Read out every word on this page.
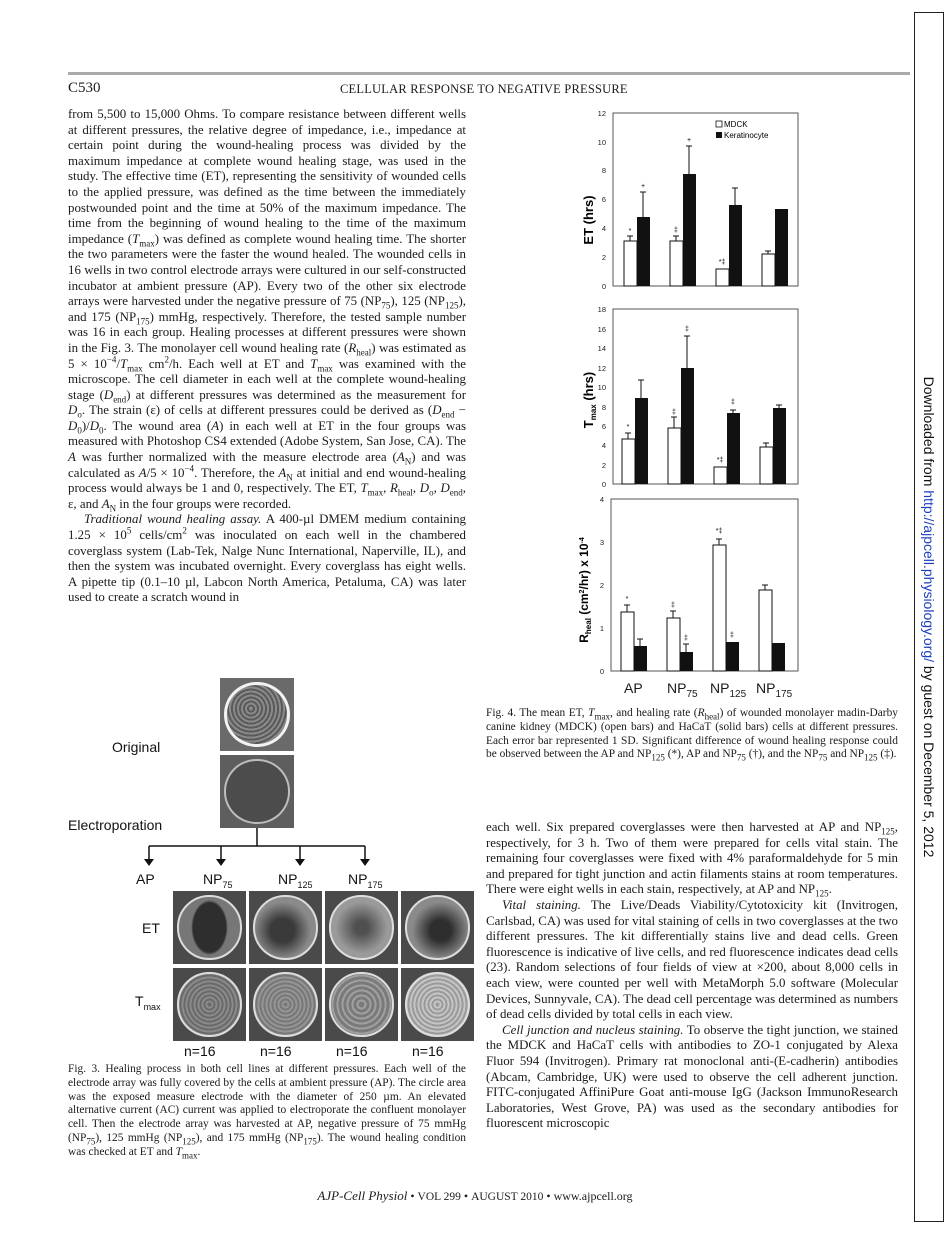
C530	CELLULAR RESPONSE TO NEGATIVE PRESSURE

from 5,500 to 15,000 Ohms. To compare resistance between different wells at different pressures, the relative degree of impedance, i.e., impedance at certain point during the wound-healing process was divided by the maximum impedance at complete wound healing stage, was used in the study. The effective time (ET), representing the sensitivity of wounded cells to the applied pressure, was defined as the time between the immediately postwounded point and the time at 50% of the maximum impedance. The time from the beginning of wound healing to the time of the maximum impedance $(T_{max})$ was defined as complete wound healing time. The shorter the two parameters were the faster the wound healed. The wounded cells in 16 wells in two control electrode arrays were cultured in our self-constructed incubator at ambient pressure (AP). Every two of the other six electrode arrays were harvested under the negative pressure of 75 $(NP_{75})$, 125 $(NP_{125})$, and 175 $(NP_{175})$ mmHg, respectively. Therefore, the tested sample number was 16 in each group. Healing processes at different pressures were shown in the Fig. 3. The monolayer cell wound healing rate $(R_{heal})$ was estimated as $5 \times 10^{-4}/T_{max}$ $cm^2/h$. Each well at ET and $T_{max}$ was examined with the microscope. The cell diameter in each well at the complete wound-healing stage $(D_{end})$ at different pressures was determined as the measurement for $D_o$. The strain (ε) of cells at different pressures could be derived as $(D_{end} - D_0)/D_0$. The wound area (A) in each well at ET in the four groups was measured with Photoshop CS4 extended (Adobe System, San Jose, CA). The A was further normalized with the measure electrode area $(A_N)$ and was calculated as $A/5 \times 10^{-4}$. Therefore, the $A_N$ at initial and end wound-healing process would always be 1 and 0, respectively. The ET, $T_{max}$, $R_{heal}$, $D_o$, $D_{end}$, ε, and $A_N$ in the four groups were recorded.

Traditional wound healing assay. A 400-µl DMEM medium containing $1.25 \times 10^5$ cells/$cm^2$ was inoculated on each well in the chambered coverglass system (Lab-Tek, Nalge Nunc International, Naperville, IL), and then the system was incubated overnight. Every coverglass has eight wells. A pipette tip (0.1–10 µl, Labcon North America, Petaluma, CA) was later used to create a scratch wound in

Original
Electroporation
AP	$NP_{75}$	$NP_{125}$	$NP_{175}$
ET
$T_{max}$
n=16	n=16	n=16	n=16
Fig. 3. Healing process in both cell lines at different pressures. Each well of the electrode array was fully covered by the cells at ambient pressure (AP). The circle area was the exposed measure electrode with the diameter of 250 µm. An elevated alternative current (AC) current was applied to electroporate the confluent monolayer cell. Then the electrode array was harvested at AP, negative pressure of 75 mmHg $(NP_{75})$, 125 mmHg $(NP_{125})$, and 175 mmHg $(NP_{175})$. The wound healing condition was checked at ET and $T_{max}$.
0
2
4
6
8
10
12
ET (hrs)
MDCK
Keratinocyte
*
+
‡
+
*‡
0
2
4
6
8
10
12
14
16
18
$T_{max}$ (hrs)
*
‡
‡
*‡
‡
0
1
2
3
4
$R_{heal}$ $(cm^2/hr)$ x $10^{-4}$
*
‡
‡
*‡
‡
AP $NP_{75}$ $NP_{125}$ $NP_{175}$
Fig. 4. The mean ET, $T_{max}$, and healing rate $(R_{heal})$ of wounded monolayer madin-Darby canine kidney (MDCK) (open bars) and HaCaT (solid bars) cells at different pressures. Each error bar represented 1 SD. Significant difference of wound healing response could be observed between the AP and $NP_{125}$ (*), AP and $NP_{75}$ (†), and the $NP_{75}$ and $NP_{125}$ (‡).

each well. Six prepared coverglasses were then harvested at AP and $NP_{125}$, respectively, for 3 h. Two of them were prepared for cells vital stain. The remaining four coverglasses were fixed with 4% paraformaldehyde for 5 min and prepared for tight junction and actin filaments stains at room temperatures. There were eight wells in each stain, respectively, at AP and $NP_{125}$.

Vital staining. The Live/Deads Viability/Cytotoxicity kit (Invitrogen, Carlsbad, CA) was used for vital staining of cells in two coverglasses at the two different pressures. The kit differentially stains live and dead cells. Green fluorescence is indicative of live cells, and red fluorescence indicates dead cells (23). Random selections of four fields of view at ×200, about 8,000 cells in each view, were counted per well with MetaMorph 5.0 software (Molecular Devices, Sunnyvale, CA). The dead cell percentage was determined as numbers of dead cells divided by total cells in each view.

Cell junction and nucleus staining. To observe the tight junction, we stained the MDCK and HaCaT cells with antibodies to ZO-1 conjugated by Alexa Fluor 594 (Invitrogen). Primary rat monoclonal anti-(E-cadherin) antibodies (Abcam, Cambridge, UK) were used to observe the cell adherent junction. FITC-conjugated AffiniPure Goat anti-mouse IgG (Jackson ImmunoResearch Laboratories, West Grove, PA) was used as the secondary antibodies for fluorescent microscopic

AJP-Cell Physiol • VOL 299 • AUGUST 2010 • www.ajpcell.org
Downloaded from http://ajpcell.physiology.org/ by guest on December 5, 2012
